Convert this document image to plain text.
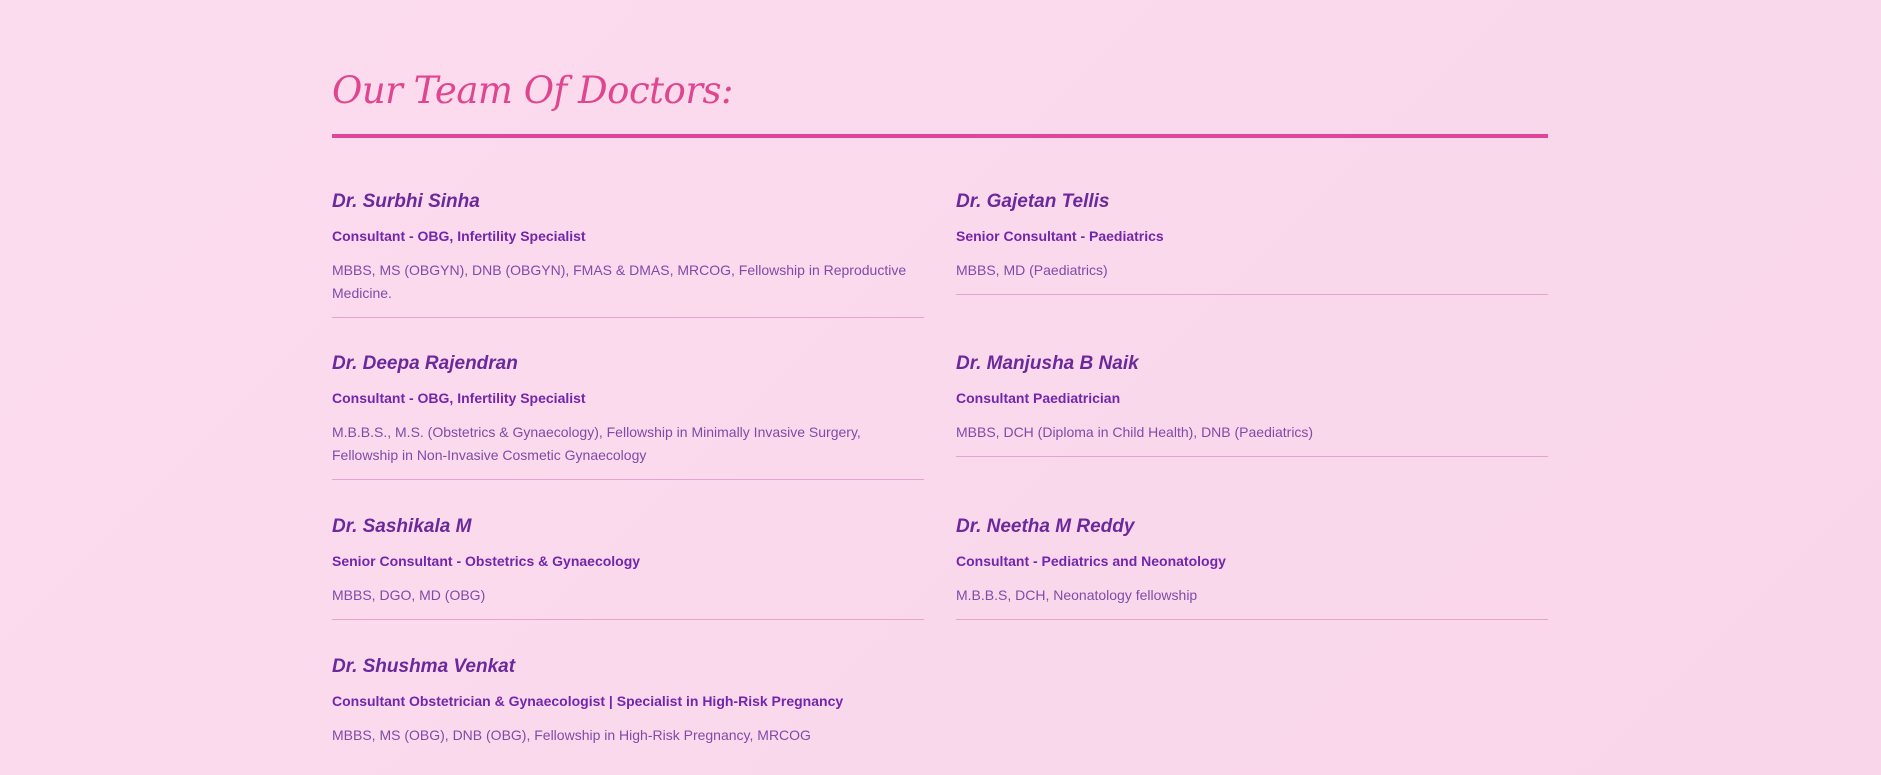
Our Team Of Doctors:
Dr. Surbhi Sinha
Consultant - OBG, Infertility Specialist
MBBS, MS (OBGYN), DNB (OBGYN), FMAS & DMAS, MRCOG, Fellowship in Reproductive Medicine.
Dr. Gajetan Tellis
Senior Consultant - Paediatrics
MBBS, MD (Paediatrics)
Dr. Deepa Rajendran
Consultant - OBG, Infertility Specialist
M.B.B.S., M.S. (Obstetrics & Gynaecology), Fellowship in Minimally Invasive Surgery, Fellowship in Non-Invasive Cosmetic Gynaecology
Dr. Manjusha B Naik
Consultant Paediatrician
MBBS, DCH (Diploma in Child Health), DNB (Paediatrics)
Dr. Sashikala M
Senior Consultant - Obstetrics & Gynaecology
MBBS, DGO, MD (OBG)
Dr. Neetha M Reddy
Consultant - Pediatrics and Neonatology
M.B.B.S, DCH, Neonatology fellowship
Dr. Shushma Venkat
Consultant Obstetrician & Gynaecologist | Specialist in High-Risk Pregnancy
MBBS, MS (OBG), DNB (OBG), Fellowship in High-Risk Pregnancy, MRCOG
